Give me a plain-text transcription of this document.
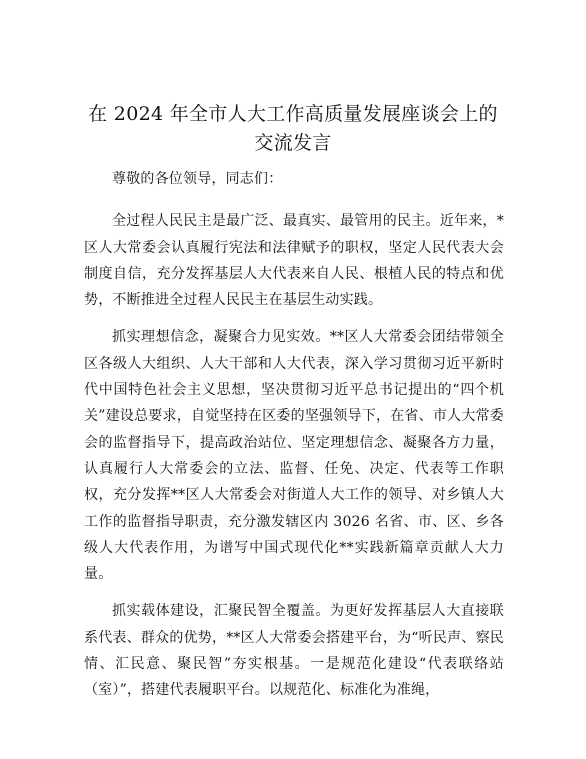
在 2024 年全市人大工作高质量发展座谈会上的
交流发言

尊敬的各位领导，同志们：

全过程人民民主是最广泛、最真实、最管用的民主。近年来，*区人大常委会认真履行宪法和法律赋予的职权，坚定人民代表大会制度自信，充分发挥基层人大代表来自人民、根植人民的特点和优势，不断推进全过程人民民主在基层生动实践。

抓实理想信念，凝聚合力见实效。**区人大常委会团结带领全区各级人大组织、人大干部和人大代表，深入学习贯彻习近平新时代中国特色社会主义思想，坚决贯彻习近平总书记提出的“四个机关”建设总要求，自觉坚持在区委的坚强领导下，在省、市人大常委会的监督指导下，提高政治站位、坚定理想信念、凝聚各方力量，认真履行人大常委会的立法、监督、任免、决定、代表等工作职权，充分发挥**区人大常委会对街道人大工作的领导、对乡镇人大工作的监督指导职责，充分激发辖区内 3026 名省、市、区、乡各级人大代表作用，为谱写中国式现代化**实践新篇章贡献人大力量。

抓实载体建设，汇聚民智全覆盖。为更好发挥基层人大直接联系代表、群众的优势，**区人大常委会搭建平台，为“听民声、察民情、汇民意、聚民智”夯实根基。一是规范化建设“代表联络站（室）”，搭建代表履职平台。以规范化、标准化为准绳，
